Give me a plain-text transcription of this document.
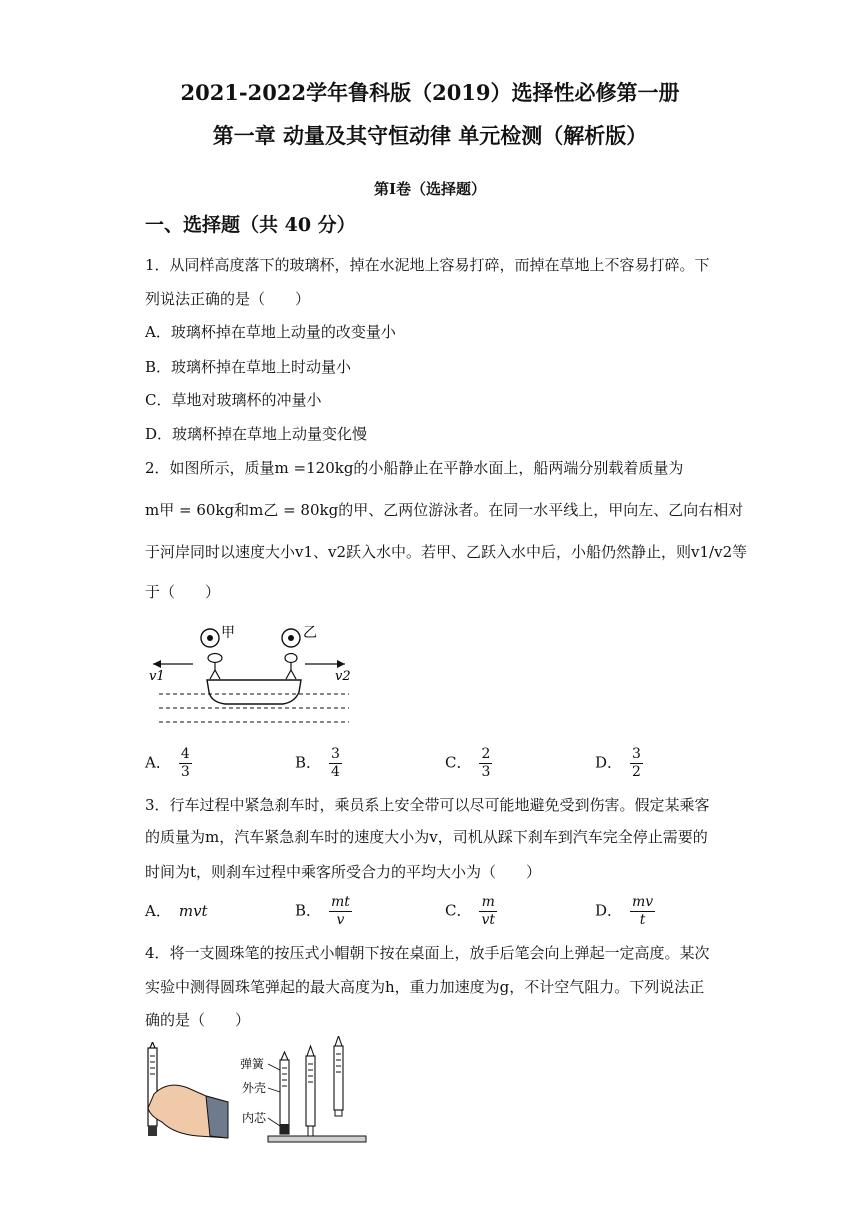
2021-2022学年鲁科版（2019）选择性必修第一册
第一章 动量及其守恒动律 单元检测（解析版）
第Ⅰ卷（选择题）
一、选择题（共 40 分）
1．从同样高度落下的玻璃杯，掉在水泥地上容易打碎，而掉在草地上不容易打碎。下
列说法正确的是（　　）
A．玻璃杯掉在草地上动量的改变量小
B．玻璃杯掉在草地上时动量小
C．草地对玻璃杯的冲量小
D．玻璃杯掉在草地上动量变化慢
2．如图所示，质量m =120kg的小船静止在平静水面上，船两端分别载着质量为
m甲 = 60kg和m乙 = 80kg的甲、乙两位游泳者。在同一水平线上，甲向左、乙向右相对
于河岸同时以速度大小v1、v2跃入水中。若甲、乙跃入水中后，小船仍然静止，则v1/v2等
于（　　）
甲	乙
v1	v2
A． $\frac{4}{3}$	B． $\frac{3}{4}$	C． $\frac{2}{3}$	D． $\frac{3}{2}$
3．行车过程中紧急刹车时，乘员系上安全带可以尽可能地避免受到伤害。假定某乘客
的质量为m，汽车紧急刹车时的速度大小为v，司机从踩下刹车到汽车完全停止需要的
时间为t，则刹车过程中乘客所受合力的平均大小为（　　）
A． mvt	B． $\frac{mt}{v}$	C． $\frac{m}{vt}$	D． $\frac{mv}{t}$
4．将一支圆珠笔的按压式小帽朝下按在桌面上，放手后笔会向上弹起一定高度。某次
实验中测得圆珠笔弹起的最大高度为h，重力加速度为g，不计空气阻力。下列说法正
确的是（　　）
弹簧
外壳
内芯
